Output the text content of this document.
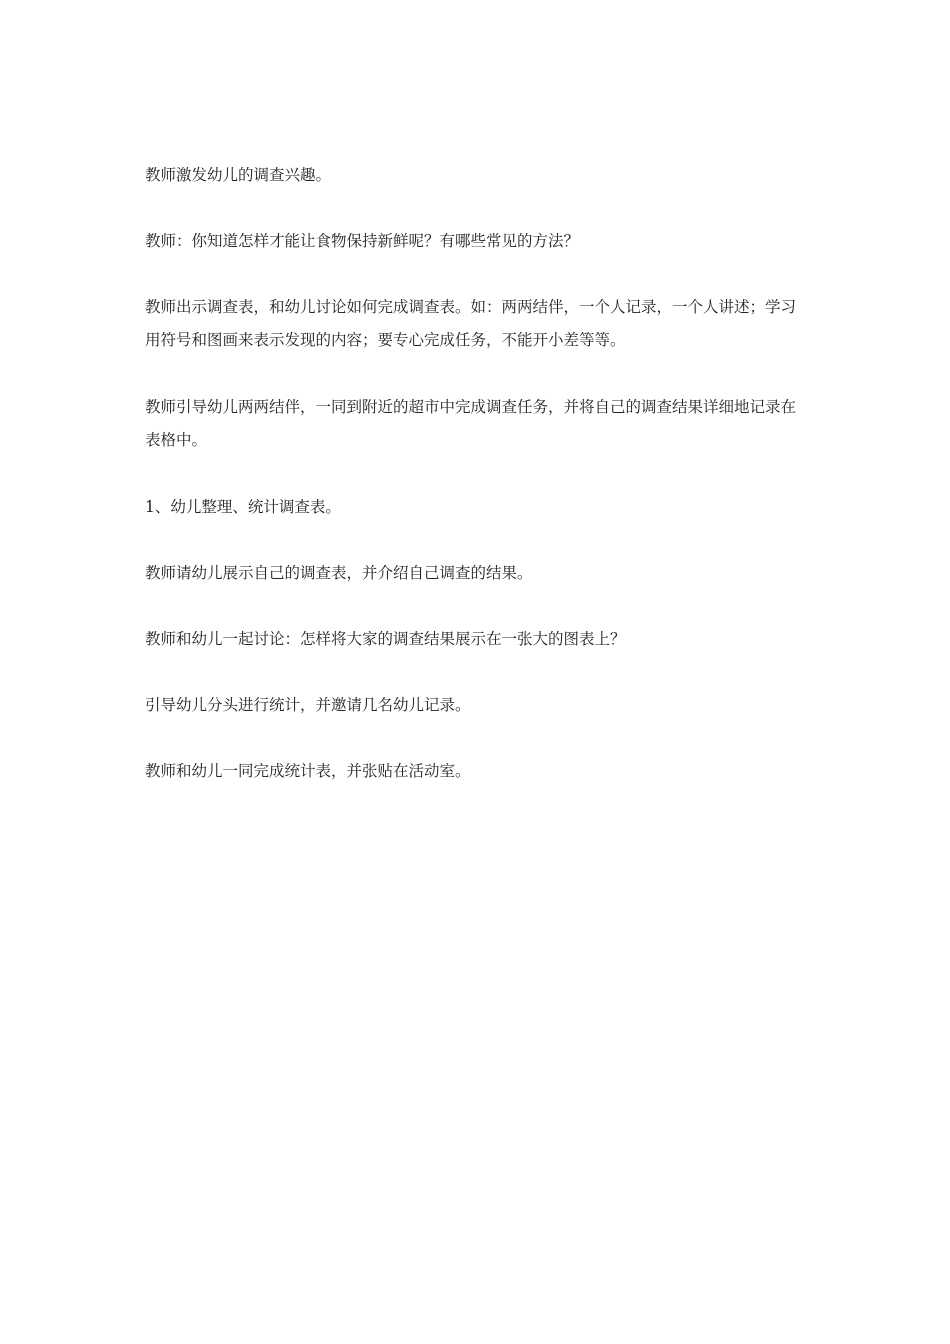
教师激发幼儿的调查兴趣。

教师：你知道怎样才能让食物保持新鲜呢？有哪些常见的方法？

教师出示调查表，和幼儿讨论如何完成调查表。如：两两结伴，一个人记录，一个人讲述；学习用符号和图画来表示发现的内容；要专心完成任务，不能开小差等等。

教师引导幼儿两两结伴，一同到附近的超市中完成调查任务，并将自己的调查结果详细地记录在表格中。

1、幼儿整理、统计调查表。

教师请幼儿展示自己的调查表，并介绍自己调查的结果。

教师和幼儿一起讨论：怎样将大家的调查结果展示在一张大的图表上？

引导幼儿分头进行统计，并邀请几名幼儿记录。

教师和幼儿一同完成统计表，并张贴在活动室。
